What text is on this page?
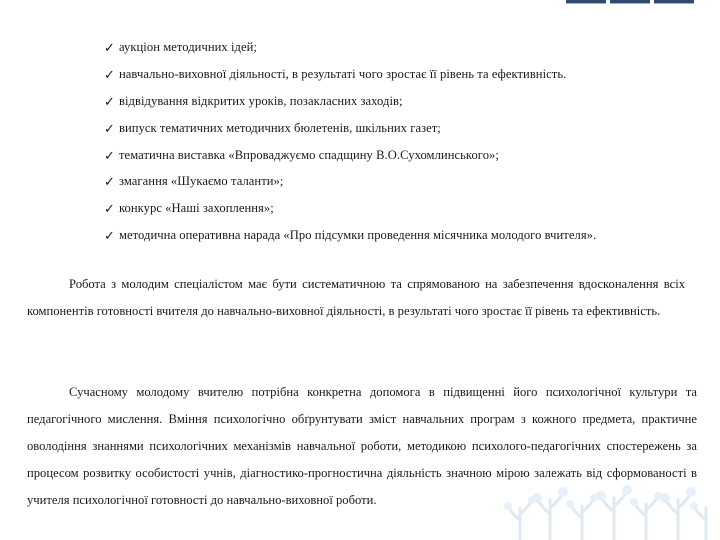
✓ аукціон методичних ідей;
✓ навчально-виховної діяльності, в результаті чого зростає її рівень та ефективність.
✓ відвідування відкритих уроків, позакласних заходів;
✓ випуск тематичних методичних бюлетенів, шкільних газет;
✓ тематична виставка «Впроваджуємо спадщину В.О.Сухомлинського»;
✓ змагання «Шукаємо таланти»;
✓ конкурс «Наші захоплення»;
✓ методична оперативна нарада «Про підсумки проведення місячника молодого вчителя».

Робота з молодим спеціалістом має бути систематичною та спрямованою на забезпечення вдосконалення всіх компонентів готовності вчителя до навчально-виховної діяльності, в результаті чого зростає її рівень та ефективність.

Сучасному молодому вчителю потрібна конкретна допомога в підвищенні його психологічної культури та педагогічного мислення. Вміння психологічно обґрунтувати зміст навчальних програм з кожного предмета, практичне оволодіння знаннями психологічних механізмів навчальної роботи, методикою психолого-педагогічних спостережень за процесом розвитку особистості учнів, діагностико-прогностична діяльність значною мірою залежать від сформованості в учителя психологічної готовності до навчально-виховної роботи.
